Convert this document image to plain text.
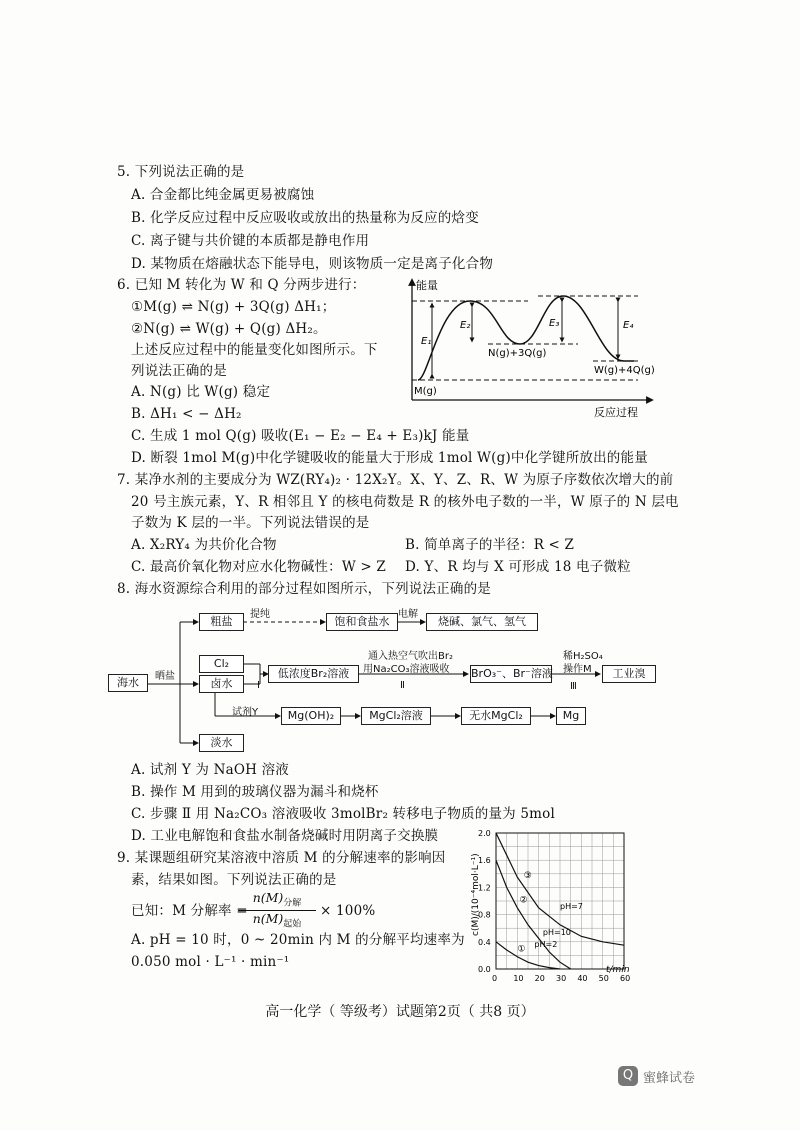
5. 下列说法正确的是
A. 合金都比纯金属更易被腐蚀
B. 化学反应过程中反应吸收或放出的热量称为反应的焓变
C. 离子键与共价键的本质都是静电作用
D. 某物质在熔融状态下能导电，则该物质一定是离子化合物
6. 已知 M 转化为 W 和 Q 分两步进行：
①M(g) ⇌ N(g) + 3Q(g) ΔH₁；
②N(g) ⇌ W(g) + Q(g) ΔH₂。
上述反应过程中的能量变化如图所示。下
列说法正确的是
A. N(g) 比 W(g) 稳定
B. ΔH₁ < − ΔH₂
C. 生成 1 mol Q(g) 吸收(E₁ − E₂ − E₄ + E₃)kJ 能量
D. 断裂 1mol M(g)中化学键吸收的能量大于形成 1mol W(g)中化学键所放出的能量
能量
反应过程
E₁
E₂	E₃	E₄
M(g)
N(g)+3Q(g)
W(g)+4Q(g)
7. 某净水剂的主要成分为 WZ(RY₄)₂ · 12X₂Y。X、Y、Z、R、W 为原子序数依次增大的前
20 号主族元素，Y、R 相邻且 Y 的核电荷数是 R 的核外电子数的一半，W 原子的 N 层电
子数为 K 层的一半。下列说法错误的是
A. X₂RY₄ 为共价化合物	B. 简单离子的半径：R < Z
C. 最高价氧化物对应水化物碱性：W > Z D. Y、R 均与 X 可形成 18 电子微粒
8. 海水资源综合利用的部分过程如图所示，下列说法正确的是
海水	晒盐
粗盐
提纯
饱和食盐水
电解
烧碱、氯气、氢气
Cl₂
卤水	Ⅰ
低浓度Br₂溶液
通入热空气吹出Br₂
用Na₂CO₃溶液吸收
Ⅱ
BrO₃⁻、Br⁻溶液
稀H₂SO₄
操作M
Ⅲ
工业溴
试剂Y	Mg(OH)₂	MgCl₂溶液	无水MgCl₂	Mg
淡水
A. 试剂 Y 为 NaOH 溶液
B. 操作 M 用到的玻璃仪器为漏斗和烧杯
C. 步骤 Ⅱ 用 Na₂CO₃ 溶液吸收 3molBr₂ 转移电子物质的量为 5mol
D. 工业电解饱和食盐水制备烧碱时用阴离子交换膜
9. 某课题组研究某溶液中溶质 M 的分解速率的影响因
素，结果如图。下列说法正确的是
已知：M 分解率 =
$n(M)_{分解}$
$n(M)_{起始}$
× 100%
A. pH = 10 时，0 ~ 20min 内 M 的分解平均速率为
0.050 mol · L⁻¹ · min⁻¹
0 10 20 30 40 50 60
0.0
0.4
0.8
1.2
1.6
2.0
① pH=2
②
pH=10
③
pH=7
c(M)/(10⁻⁴mol·L⁻¹)
t/min
高一化学（ 等级考）试题第2页（ 共8 页）
Q 蜜蜂试卷
